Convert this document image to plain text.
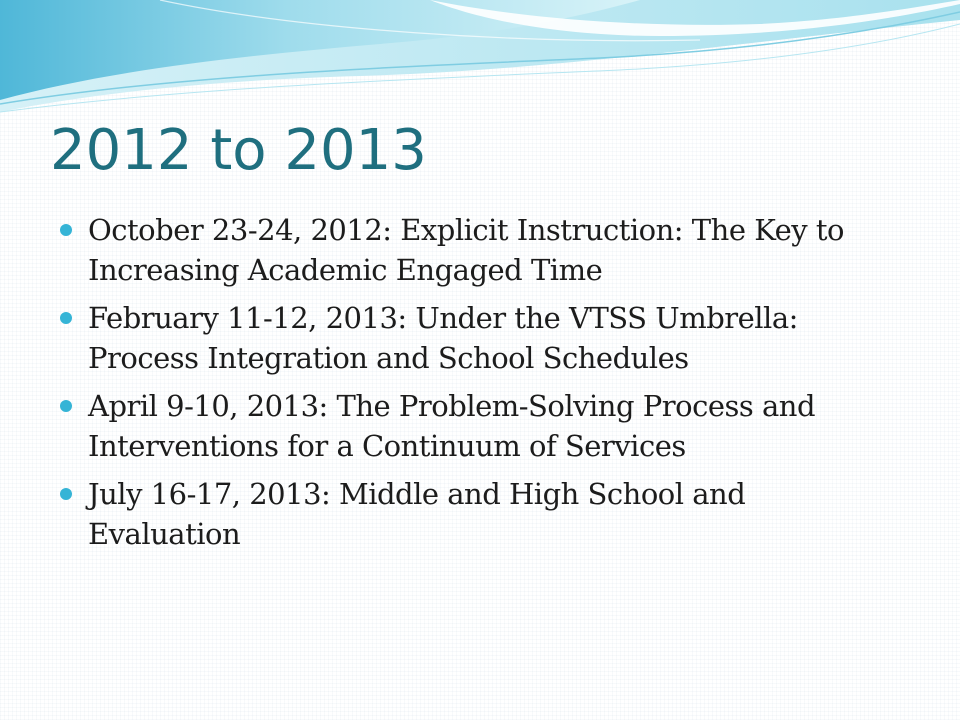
2012 to 2013
October 23-24, 2012: Explicit Instruction: The Key to Increasing Academic Engaged Time
February 11-12, 2013: Under the VTSS Umbrella: Process Integration and School Schedules
April 9-10, 2013: The Problem-Solving Process and Interventions for a Continuum of Services
July 16-17, 2013: Middle and High School and Evaluation
